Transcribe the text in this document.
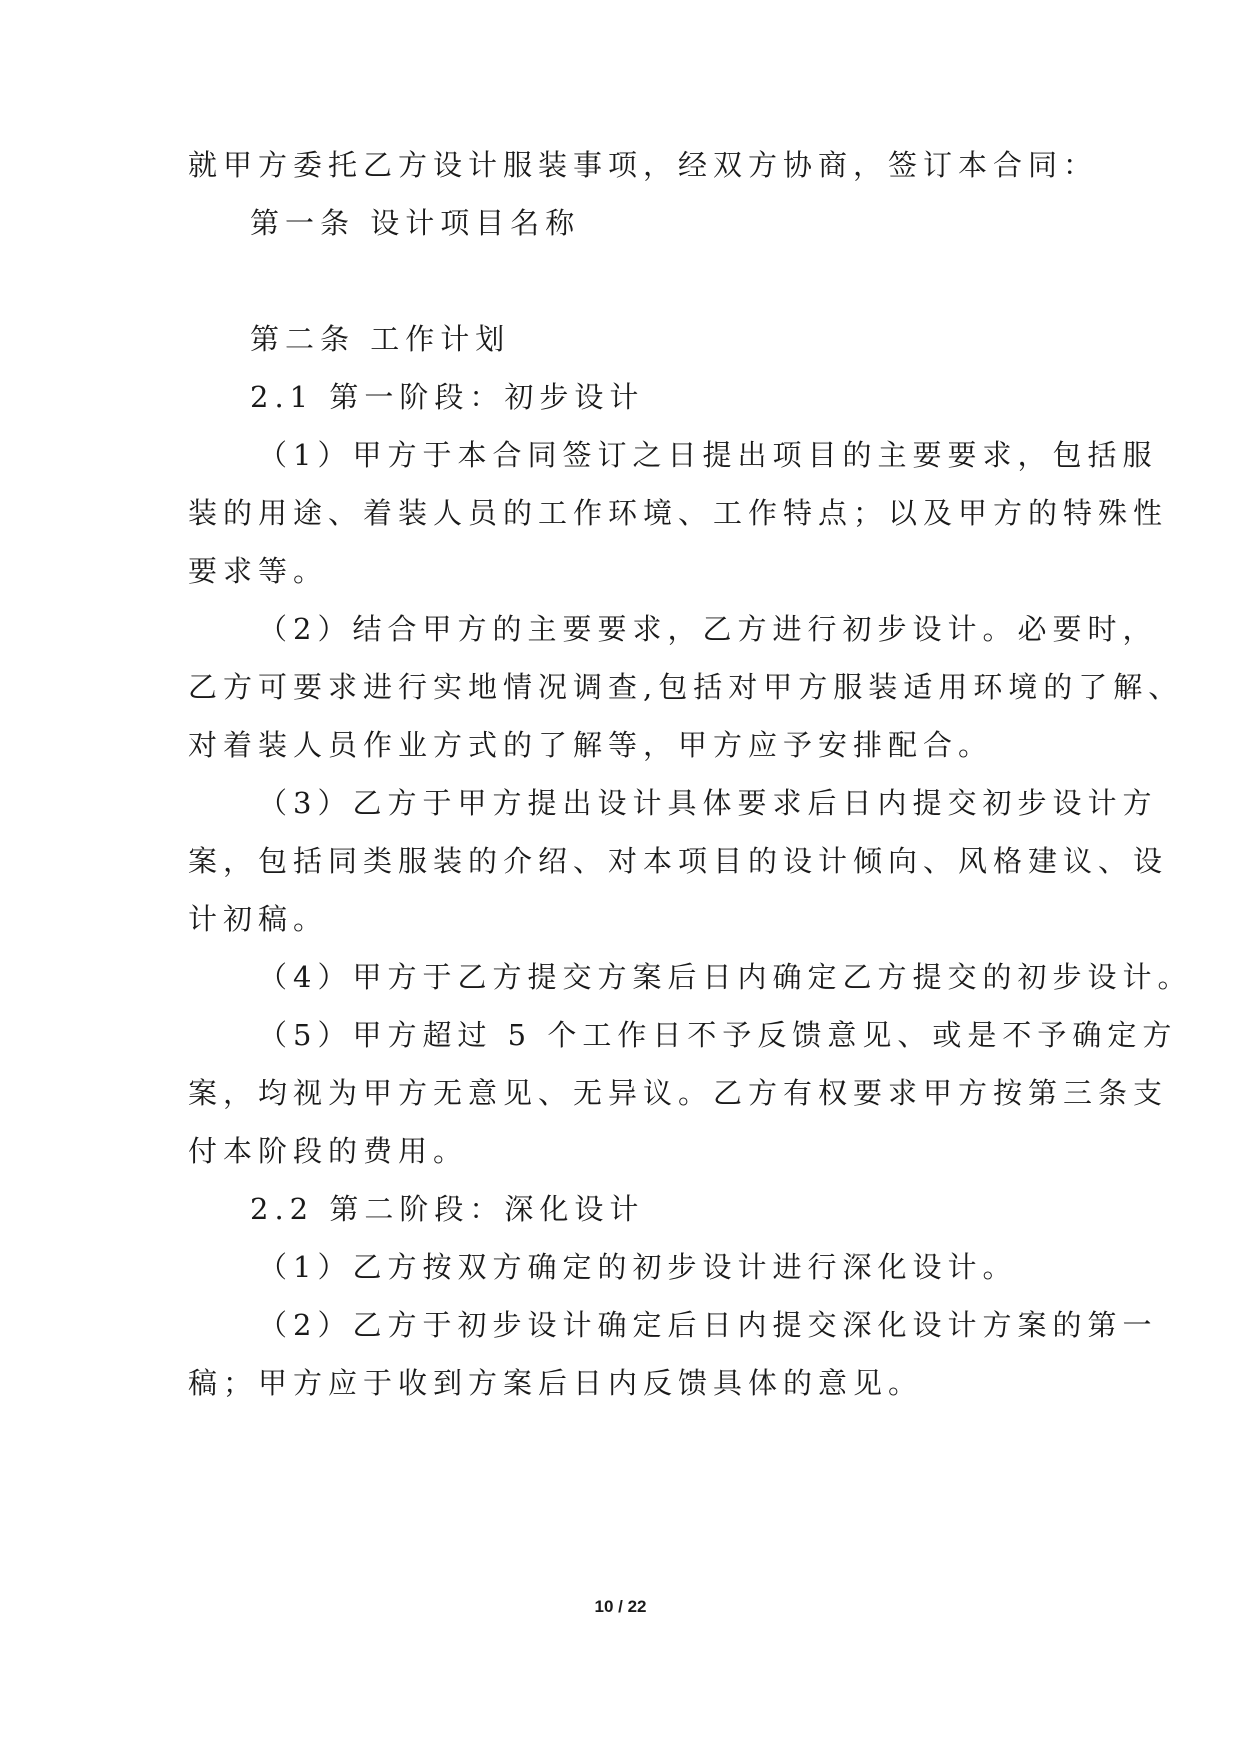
就甲方委托乙方设计服装事项，经双方协商，签订本合同：
第一条 设计项目名称
第二条 工作计划
2.1 第一阶段：初步设计
（1）甲方于本合同签订之日提出项目的主要要求，包括服
装的用途、着装人员的工作环境、工作特点；以及甲方的特殊性
要求等。
（2）结合甲方的主要要求，乙方进行初步设计。必要时，
乙方可要求进行实地情况调查,包括对甲方服装适用环境的了解、
对着装人员作业方式的了解等，甲方应予安排配合。
（3）乙方于甲方提出设计具体要求后日内提交初步设计方
案，包括同类服装的介绍、对本项目的设计倾向、风格建议、设
计初稿。
（4）甲方于乙方提交方案后日内确定乙方提交的初步设计。
（5）甲方超过 5 个工作日不予反馈意见、或是不予确定方
案，均视为甲方无意见、无异议。乙方有权要求甲方按第三条支
付本阶段的费用。
2.2 第二阶段：深化设计
（1）乙方按双方确定的初步设计进行深化设计。
（2）乙方于初步设计确定后日内提交深化设计方案的第一
稿；甲方应于收到方案后日内反馈具体的意见。
10 / 22
